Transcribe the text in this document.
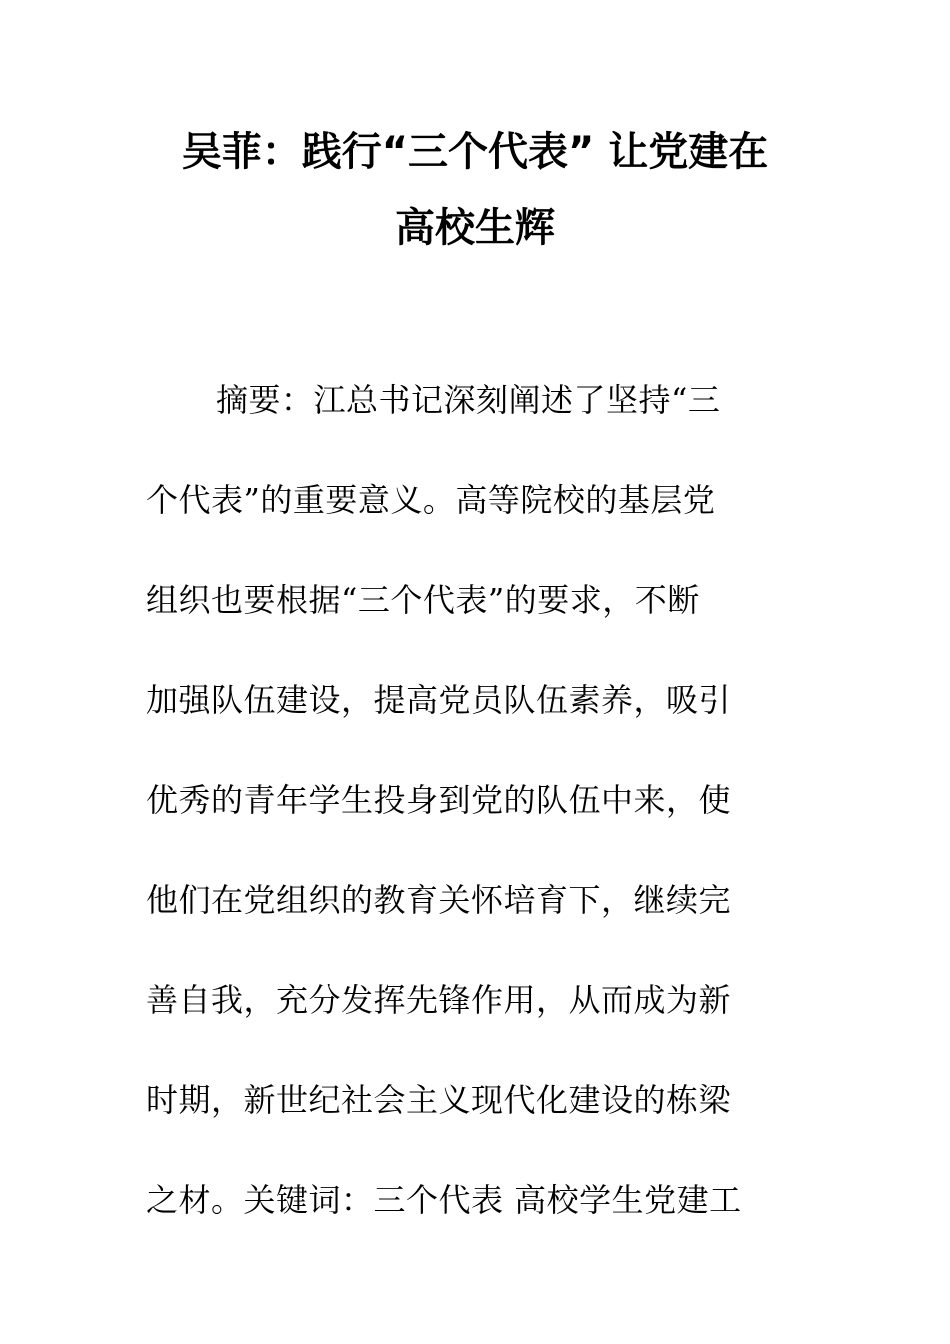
吴菲：践行“三个代表” 让党建在
高校生辉
摘要：江总书记深刻阐述了坚持“三
个代表”的重要意义。高等院校的基层党
组织也要根据“三个代表”的要求，不断
加强队伍建设，提高党员队伍素养，吸引
优秀的青年学生投身到党的队伍中来，使
他们在党组织的教育关怀培育下，继续完
善自我，充分发挥先锋作用，从而成为新
时期，新世纪社会主义现代化建设的栋梁
之材。关键词：三个代表 高校学生党建工
